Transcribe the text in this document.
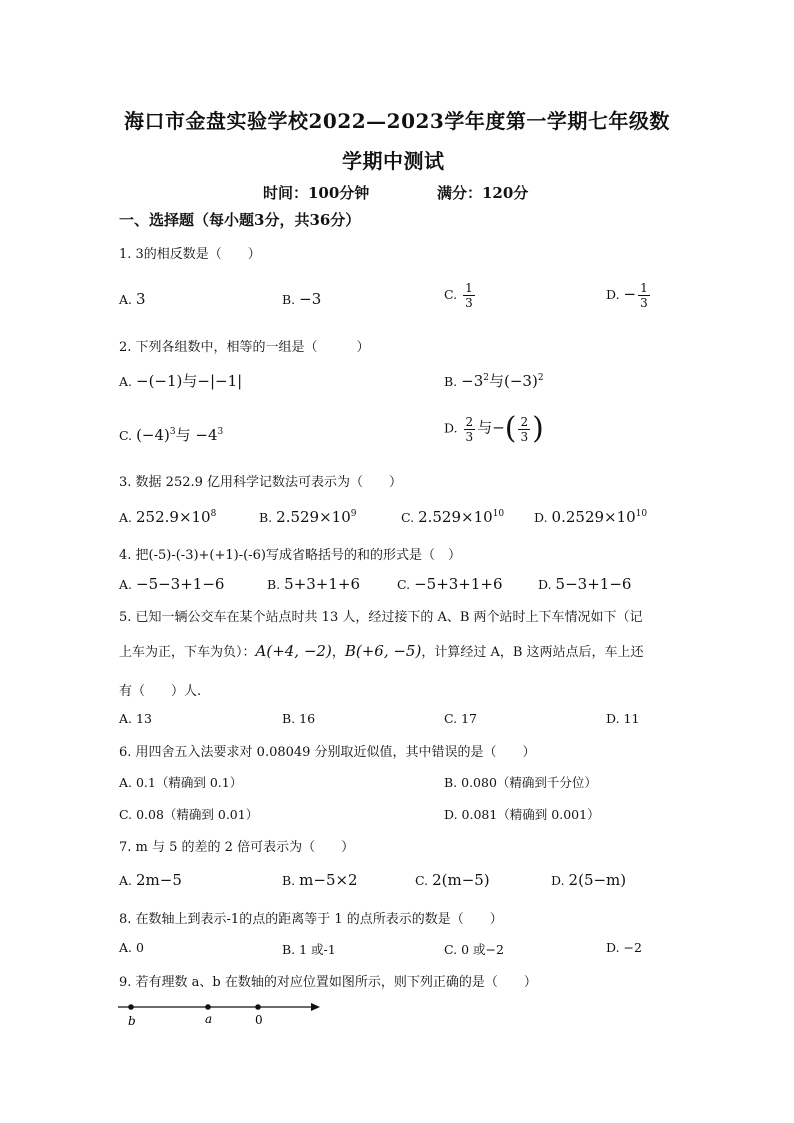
海口市金盘实验学校2022—2023学年度第一学期七年级数
学期中测试
时间：100分钟	满分：120分
一、选择题（每小题3分，共36分）
1. 3的相反数是（　　）
A. 3	B. −3	C. $\frac{1}{3}$	D. − $\frac{1}{3}$
2. 下列各组数中，相等的一组是（　　　）
A. −(−1)与−|−1|	B. $-3^2$与$(-3)^2$
C. $(-4)^3$与 $-4^3$	D. $\frac{2}{3}$ 与−( $\frac{2}{3}$ )
3. 数据 252.9 亿用科学记数法可表示为（　　）
A. $252.9\times 10^8$	B. $2.529\times 10^9$	C. $2.529\times 10^{10}$ D. $0.2529\times 10^{10}$
4. 把(-5)-(-3)+(+1)-(-6)写成省略括号的和的形式是（　）
A. −5−3+1−6	B. 5+3+1+6	C. −5+3+1+6	D. 5−3+1−6
5. 已知一辆公交车在某个站点时共 13 人，经过接下的 A、B 两个站时上下车情况如下（记
上车为正，下车为负）：A(+4, −2)，B(+6, −5)，计算经过 A，B 这两站点后，车上还
有（　　）人.
A. 13	B. 16	C. 17	D. 11
6. 用四舍五入法要求对 0.08049 分别取近似值，其中错误的是（　　）
A. 0.1（精确到 0.1）	B. 0.080（精确到千分位）
C. 0.08（精确到 0.01）	D. 0.081（精确到 0.001）
7. m 与 5 的差的 2 倍可表示为（　　）
A. 2m−5	B. m−5×2	C. 2(m−5)	D. 2(5−m)
8. 在数轴上到表示-1的点的距离等于 1 的点所表示的数是（　　）
A. 0	B. 1 或-1	C. 0 或−2	D. −2
9. 若有理数 a、b 在数轴的对应位置如图所示，则下列正确的是（　　）
b	a	0
